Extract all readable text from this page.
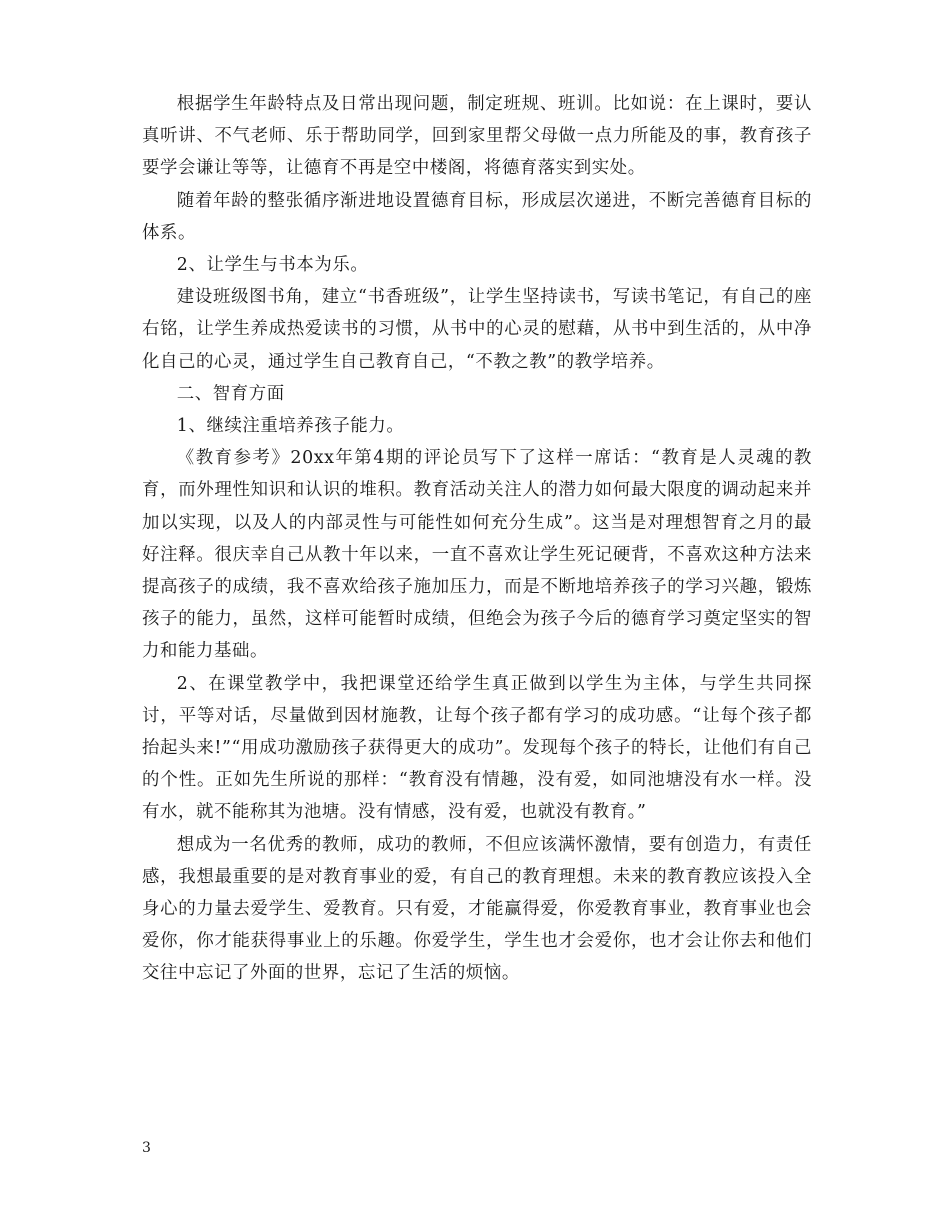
根据学生年龄特点及日常出现问题，制定班规、班训。比如说：在上课时，要认真听讲、不气老师、乐于帮助同学，回到家里帮父母做一点力所能及的事，教育孩子要学会谦让等等，让德育不再是空中楼阁，将德育落实到实处。

随着年龄的整张循序渐进地设置德育目标，形成层次递进，不断完善德育目标的体系。

2、让学生与书本为乐。

建设班级图书角，建立“书香班级”，让学生坚持读书，写读书笔记，有自己的座右铭，让学生养成热爱读书的习惯，从书中的心灵的慰藉，从书中到生活的，从中净化自己的心灵，通过学生自己教育自己，“不教之教”的教学培养。

二、智育方面

1、继续注重培养孩子能力。

《教育参考》20xx年第4期的评论员写下了这样一席话：“教育是人灵魂的教育，而外理性知识和认识的堆积。教育活动关注人的潜力如何最大限度的调动起来并加以实现，以及人的内部灵性与可能性如何充分生成”。这当是对理想智育之月的最好注释。很庆幸自己从教十年以来，一直不喜欢让学生死记硬背，不喜欢这种方法来提高孩子的成绩，我不喜欢给孩子施加压力，而是不断地培养孩子的学习兴趣，锻炼孩子的能力，虽然，这样可能暂时成绩，但绝会为孩子今后的德育学习奠定坚实的智力和能力基础。

2、在课堂教学中，我把课堂还给学生真正做到以学生为主体，与学生共同探讨，平等对话，尽量做到因材施教，让每个孩子都有学习的成功感。“让每个孩子都抬起头来!”“用成功激励孩子获得更大的成功”。发现每个孩子的特长，让他们有自己的个性。正如先生所说的那样：“教育没有情趣，没有爱，如同池塘没有水一样。没有水，就不能称其为池塘。没有情感，没有爱，也就没有教育。”

想成为一名优秀的教师，成功的教师，不但应该满怀激情，要有创造力，有责任感，我想最重要的是对教育事业的爱，有自己的教育理想。未来的教育教应该投入全身心的力量去爱学生、爱教育。只有爱，才能赢得爱，你爱教育事业，教育事业也会爱你，你才能获得事业上的乐趣。你爱学生，学生也才会爱你，也才会让你去和他们交往中忘记了外面的世界，忘记了生活的烦恼。

3
